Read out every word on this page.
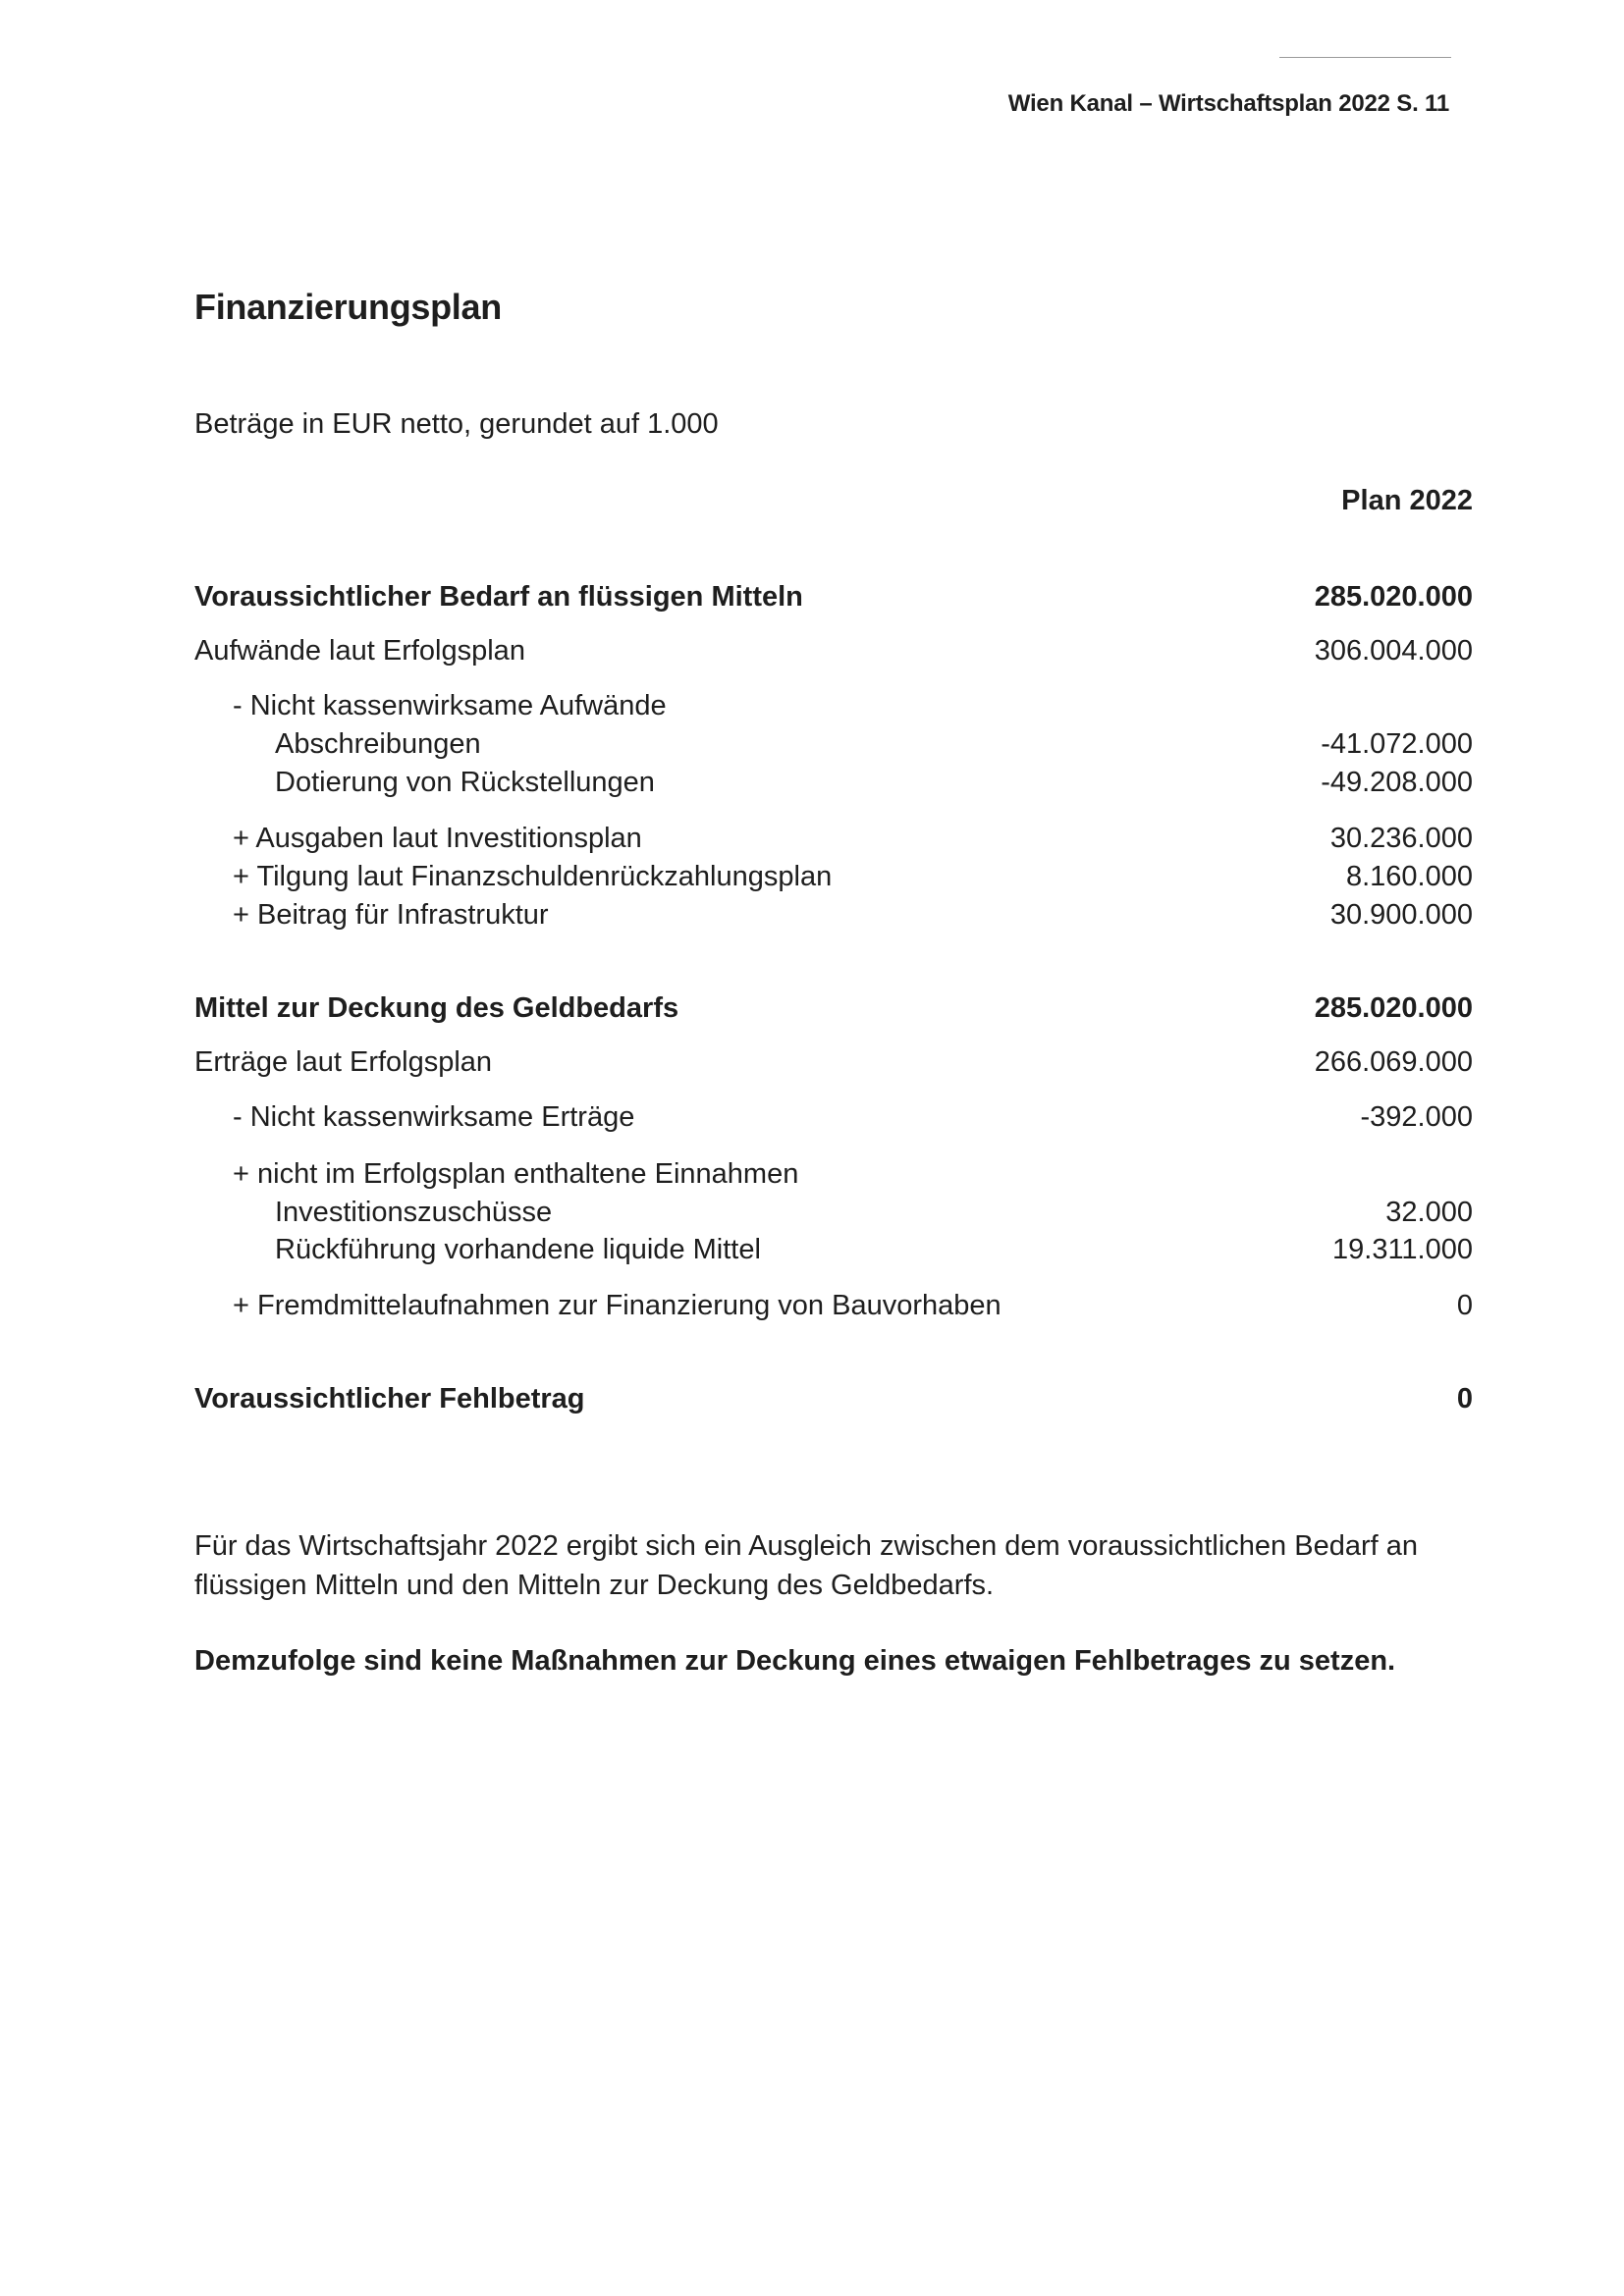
Wien Kanal – Wirtschaftsplan 2022 S. 11
Finanzierungsplan
Beträge in EUR netto, gerundet auf 1.000
Plan 2022
Voraussichtlicher Bedarf an flüssigen Mitteln	285.020.000
Aufwände laut Erfolgsplan	306.004.000
- Nicht kassenwirksame Aufwände
Abschreibungen	-41.072.000
Dotierung von Rückstellungen	-49.208.000
+ Ausgaben laut Investitionsplan	30.236.000
+ Tilgung laut Finanzschuldenrückzahlungsplan	8.160.000
+ Beitrag für Infrastruktur	30.900.000
Mittel zur Deckung des Geldbedarfs	285.020.000
Erträge laut Erfolgsplan	266.069.000
- Nicht kassenwirksame Erträge	-392.000
+ nicht im Erfolgsplan enthaltene Einnahmen
Investitionszuschüsse	32.000
Rückführung vorhandene liquide Mittel	19.311.000
+ Fremdmittelaufnahmen zur Finanzierung von Bauvorhaben	0
Voraussichtlicher Fehlbetrag	0

Für das Wirtschaftsjahr 2022 ergibt sich ein Ausgleich zwischen dem voraussichtlichen Bedarf an flüssigen Mitteln und den Mitteln zur Deckung des Geldbedarfs.

Demzufolge sind keine Maßnahmen zur Deckung eines etwaigen Fehlbetrages zu setzen.
